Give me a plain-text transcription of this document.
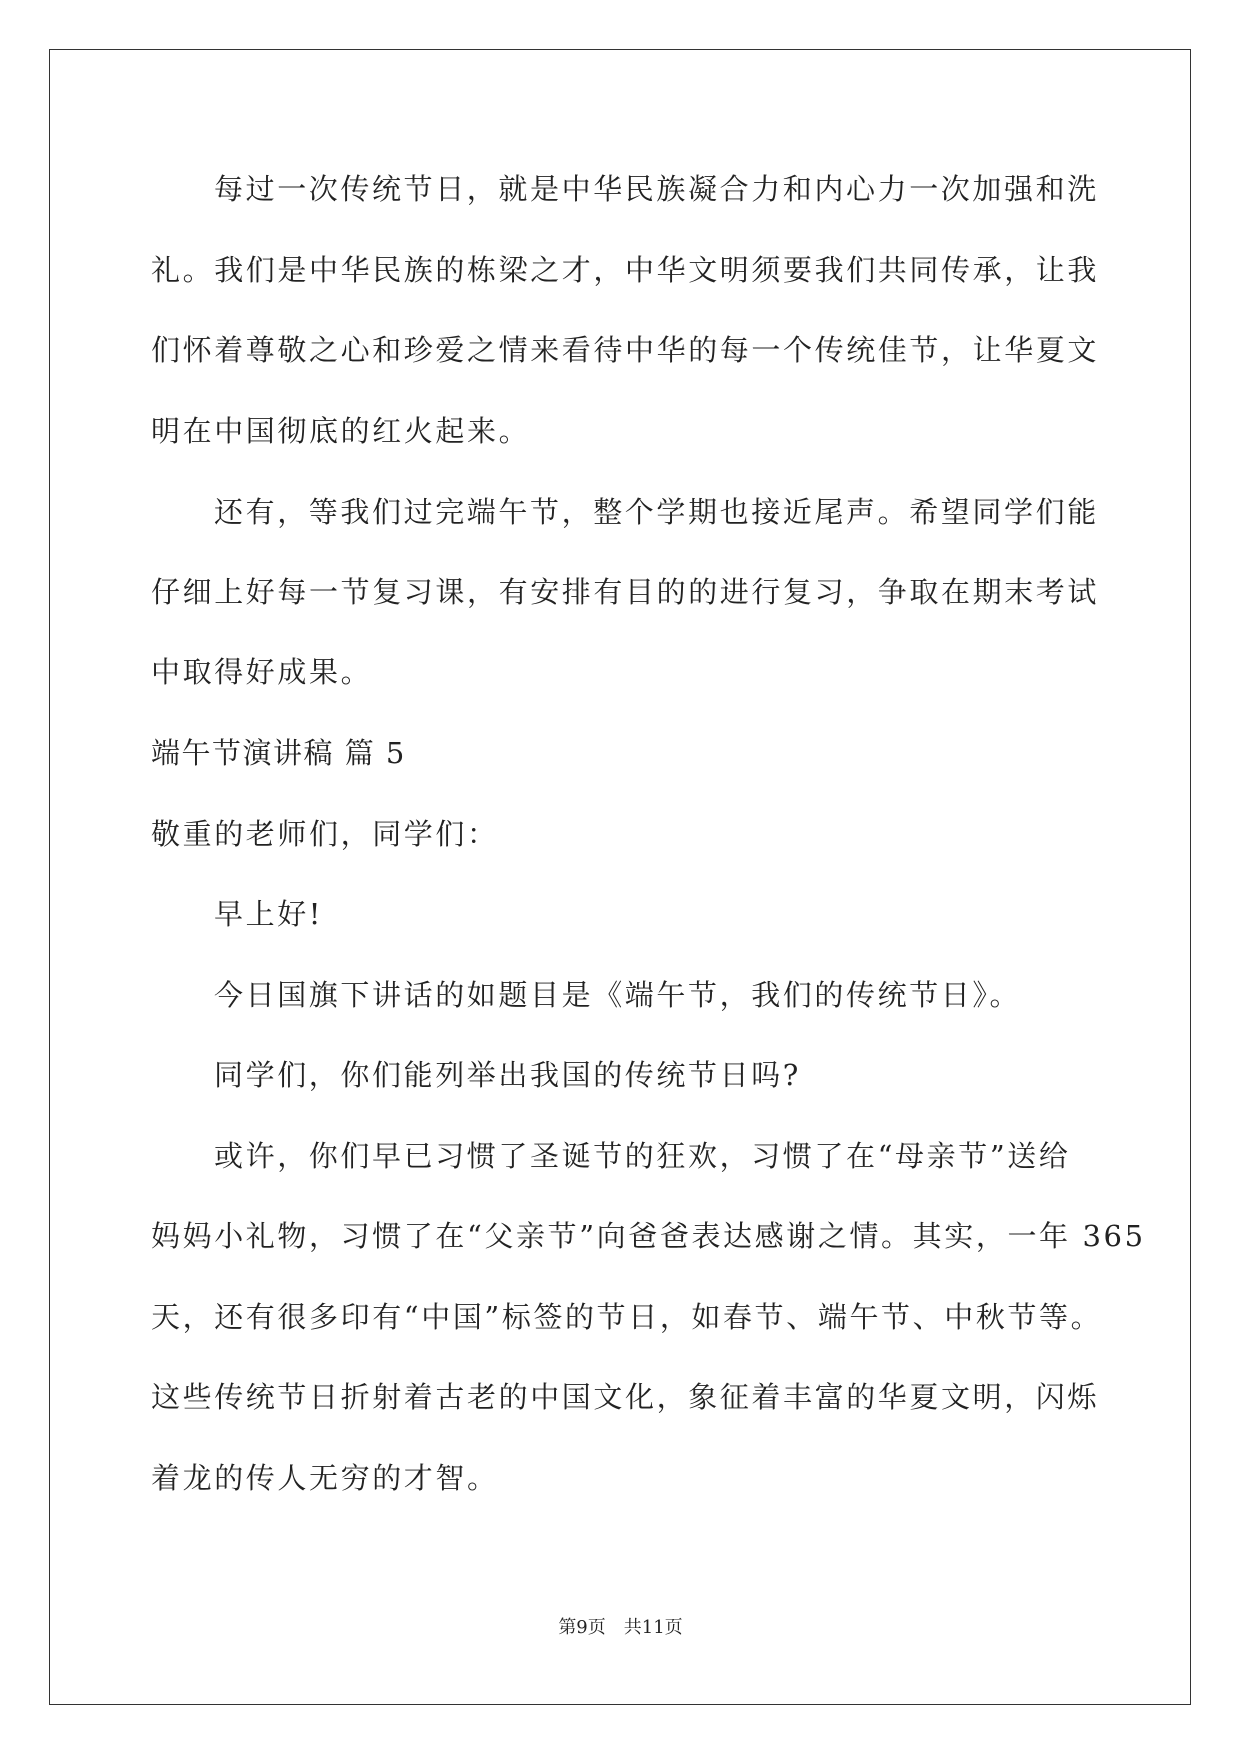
每过一次传统节日，就是中华民族凝合力和内心力一次加强和洗
礼。我们是中华民族的栋梁之才，中华文明须要我们共同传承，让我
们怀着尊敬之心和珍爱之情来看待中华的每一个传统佳节，让华夏文
明在中国彻底的红火起来。
还有，等我们过完端午节，整个学期也接近尾声。希望同学们能
仔细上好每一节复习课，有安排有目的的进行复习，争取在期末考试
中取得好成果。
端午节演讲稿 篇 5
敬重的老师们，同学们：
早上好!
今日国旗下讲话的如题目是《端午节，我们的传统节日》。
同学们，你们能列举出我国的传统节日吗?
或许，你们早已习惯了圣诞节的狂欢，习惯了在“母亲节”送给
妈妈小礼物，习惯了在“父亲节”向爸爸表达感谢之情。其实，一年 365
天，还有很多印有“中国”标签的节日，如春节、端午节、中秋节等。
这些传统节日折射着古老的中国文化，象征着丰富的华夏文明，闪烁
着龙的传人无穷的才智。
第9页　共11页
